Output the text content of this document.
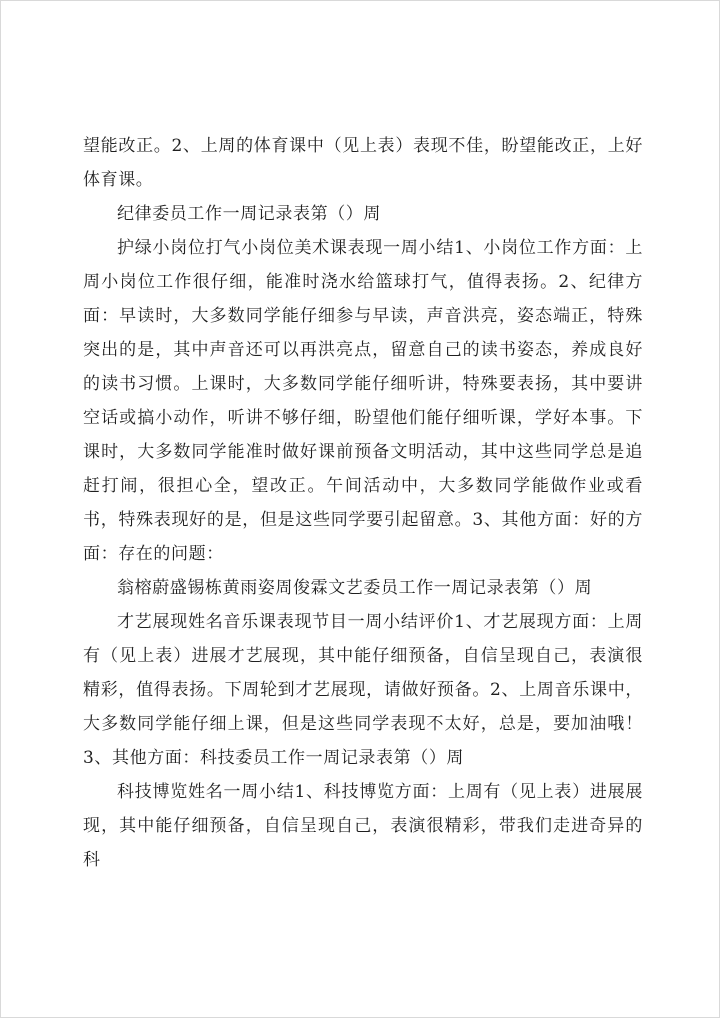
望能改正。2、上周的体育课中（见上表）表现不佳，盼望能改正，上好体育课。

纪律委员工作一周记录表第（）周

护绿小岗位打气小岗位美术课表现一周小结1、小岗位工作方面：上周小岗位工作很仔细，能准时浇水给篮球打气，值得表扬。2、纪律方面：早读时，大多数同学能仔细参与早读，声音洪亮，姿态端正，特殊突出的是，其中声音还可以再洪亮点，留意自己的读书姿态，养成良好的读书习惯。上课时，大多数同学能仔细听讲，特殊要表扬，其中要讲空话或搞小动作，听讲不够仔细，盼望他们能仔细听课，学好本事。下课时，大多数同学能准时做好课前预备文明活动，其中这些同学总是追赶打闹，很担心全，望改正。午间活动中，大多数同学能做作业或看书，特殊表现好的是，但是这些同学要引起留意。3、其他方面：好的方面：存在的问题：

翁榕蔚盛锡栋黄雨姿周俊霖文艺委员工作一周记录表第（）周

才艺展现姓名音乐课表现节目一周小结评价1、才艺展现方面：上周有（见上表）进展才艺展现，其中能仔细预备，自信呈现自己，表演很精彩，值得表扬。下周轮到才艺展现，请做好预备。2、上周音乐课中，大多数同学能仔细上课，但是这些同学表现不太好，总是，要加油哦！3、其他方面：科技委员工作一周记录表第（）周

科技博览姓名一周小结1、科技博览方面：上周有（见上表）进展展现，其中能仔细预备，自信呈现自己，表演很精彩，带我们走进奇异的科
